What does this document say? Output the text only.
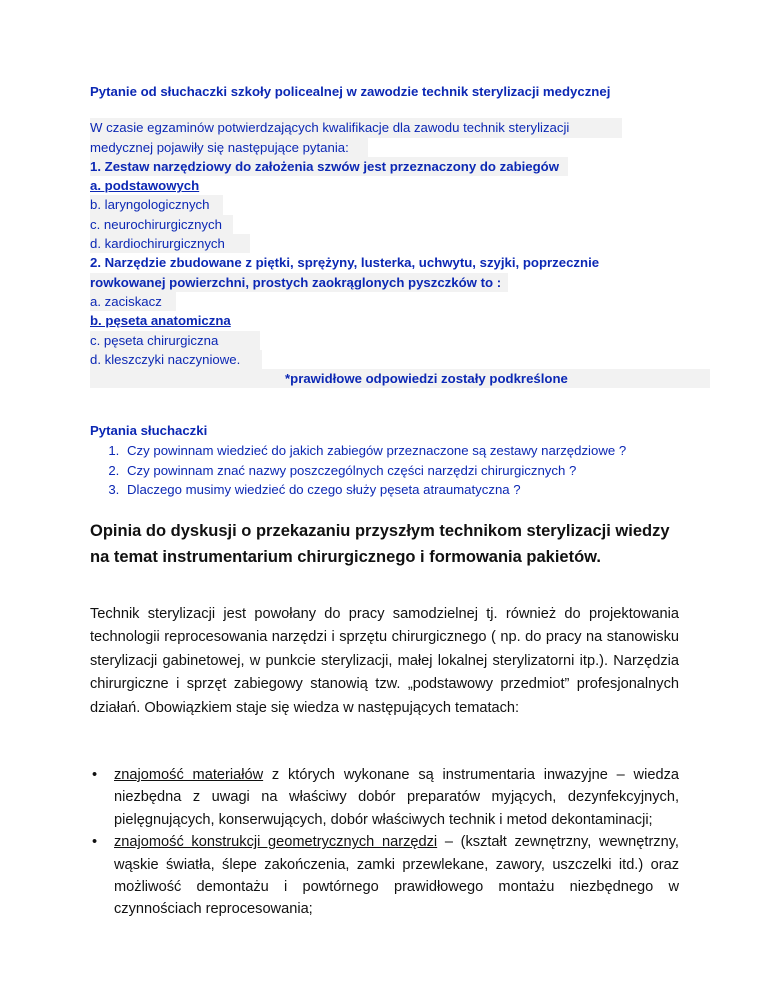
Pytanie od słuchaczki szkoły policealnej w zawodzie technik sterylizacji medycznej
W czasie egzaminów potwierdzających kwalifikacje dla zawodu technik sterylizacji
medycznej pojawiły się następujące pytania:
1. Zestaw narzędziowy do założenia szwów jest przeznaczony do zabiegów
a. podstawowych
b. laryngologicznych
c. neurochirurgicznych
d. kardiochirurgicznych
2. Narzędzie zbudowane z piętki, sprężyny, lusterka, uchwytu, szyjki, poprzecznie
rowkowanej powierzchni, prostych zaokrąglonych pyszczków to :
a. zaciskacz
b. pęseta anatomiczna
c. pęseta chirurgiczna
d. kleszczyki naczyniowe.
*prawidłowe odpowiedzi zostały podkreślone
Pytania słuchaczki
1. Czy powinnam wiedzieć do jakich zabiegów przeznaczone są zestawy narzędziowe ?
2. Czy powinnam znać nazwy poszczególnych części narzędzi chirurgicznych ?
3. Dlaczego musimy wiedzieć do czego służy pęseta atraumatyczna ?
Opinia do dyskusji o przekazaniu przyszłym technikom sterylizacji wiedzy na temat instrumentarium chirurgicznego i formowania pakietów.

Technik sterylizacji jest powołany do pracy samodzielnej tj. również do projektowania technologii reprocesowania narzędzi i sprzętu chirurgicznego ( np. do pracy na stanowisku sterylizacji gabinetowej, w punkcie sterylizacji, małej lokalnej sterylizatorni itp.). Narzędzia chirurgiczne i sprzęt zabiegowy stanowią tzw. „podstawowy przedmiot” profesjonalnych działań. Obowiązkiem staje się wiedza w następujących tematach:

• znajomość materiałów z których wykonane są instrumentaria inwazyjne – wiedza niezbędna z uwagi na właściwy dobór preparatów myjących, dezynfekcyjnych, pielęgnujących, konserwujących, dobór właściwych technik i metod dekontaminacji;
• znajomość konstrukcji geometrycznych narzędzi – (kształt zewnętrzny, wewnętrzny, wąskie światła, ślepe zakończenia, zamki przewlekane, zawory, uszczelki itd.) oraz możliwość demontażu i powtórnego prawidłowego montażu niezbędnego w czynnościach reprocesowania;
